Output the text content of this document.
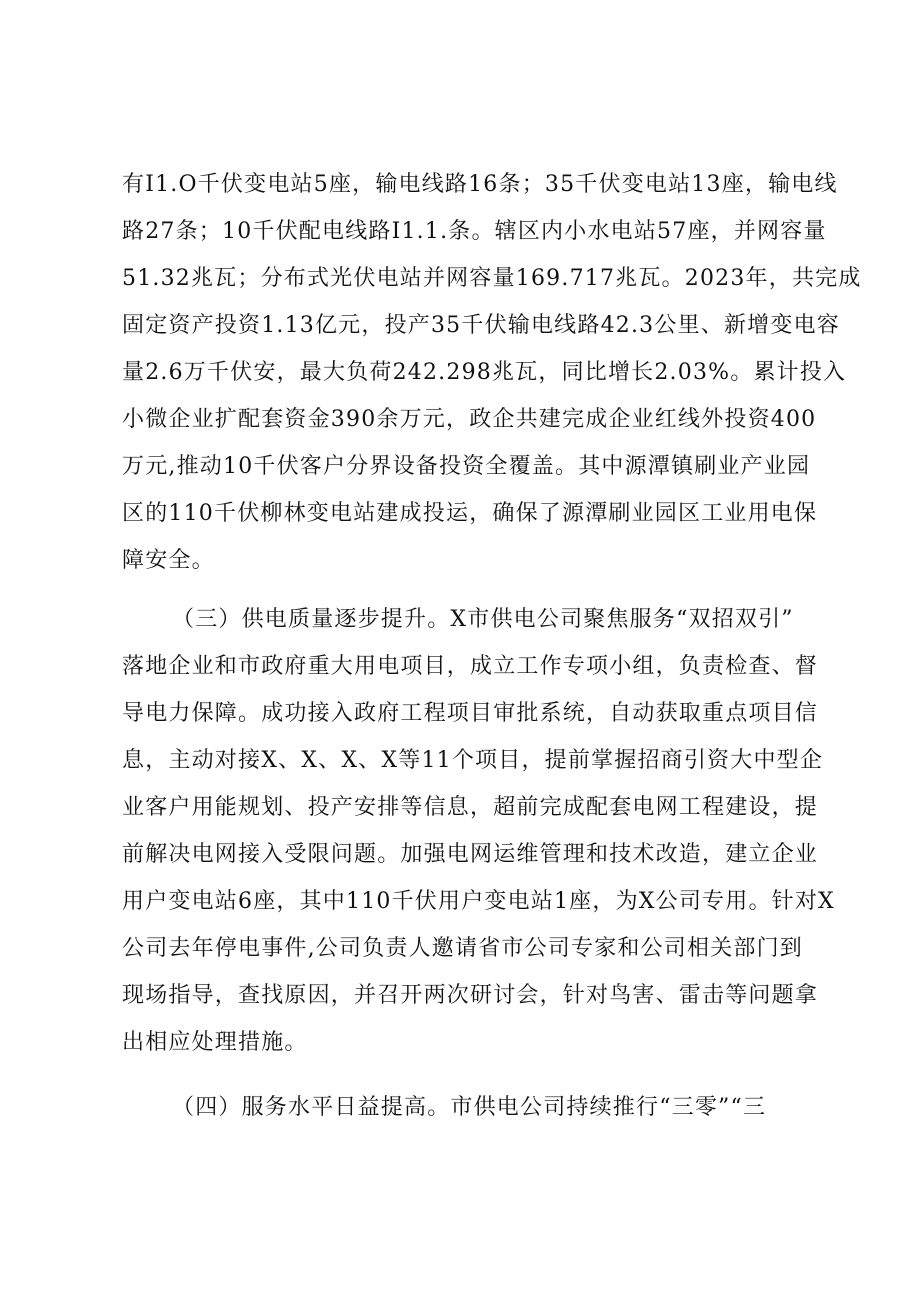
有I1.O千伏变电站5座，输电线路16条；35千伏变电站13座，输电线
路27条；10千伏配电线路I1.1.条。辖区内小水电站57座，并网容量
51.32兆瓦；分布式光伏电站并网容量169.717兆瓦。2023年，共完成
固定资产投资1.13亿元，投产35千伏输电线路42.3公里、新增变电容
量2.6万千伏安，最大负荷242.298兆瓦，同比增长2.03%。累计投入
小微企业扩配套资金390余万元，政企共建完成企业红线外投资400
万元,推动10千伏客户分界设备投资全覆盖。其中源潭镇刷业产业园
区的110千伏柳林变电站建成投运，确保了源潭刷业园区工业用电保
障安全。
（三）供电质量逐步提升。X市供电公司聚焦服务“双招双引”
落地企业和市政府重大用电项目，成立工作专项小组，负责检查、督
导电力保障。成功接入政府工程项目审批系统，自动获取重点项目信
息，主动对接X、X、X、X等11个项目，提前掌握招商引资大中型企
业客户用能规划、投产安排等信息，超前完成配套电网工程建设，提
前解决电网接入受限问题。加强电网运维管理和技术改造，建立企业
用户变电站6座，其中110千伏用户变电站1座，为X公司专用。针对X
公司去年停电事件,公司负责人邀请省市公司专家和公司相关部门到
现场指导，查找原因，并召开两次研讨会，针对鸟害、雷击等问题拿
出相应处理措施。
（四）服务水平日益提高。市供电公司持续推行“三零”“三
